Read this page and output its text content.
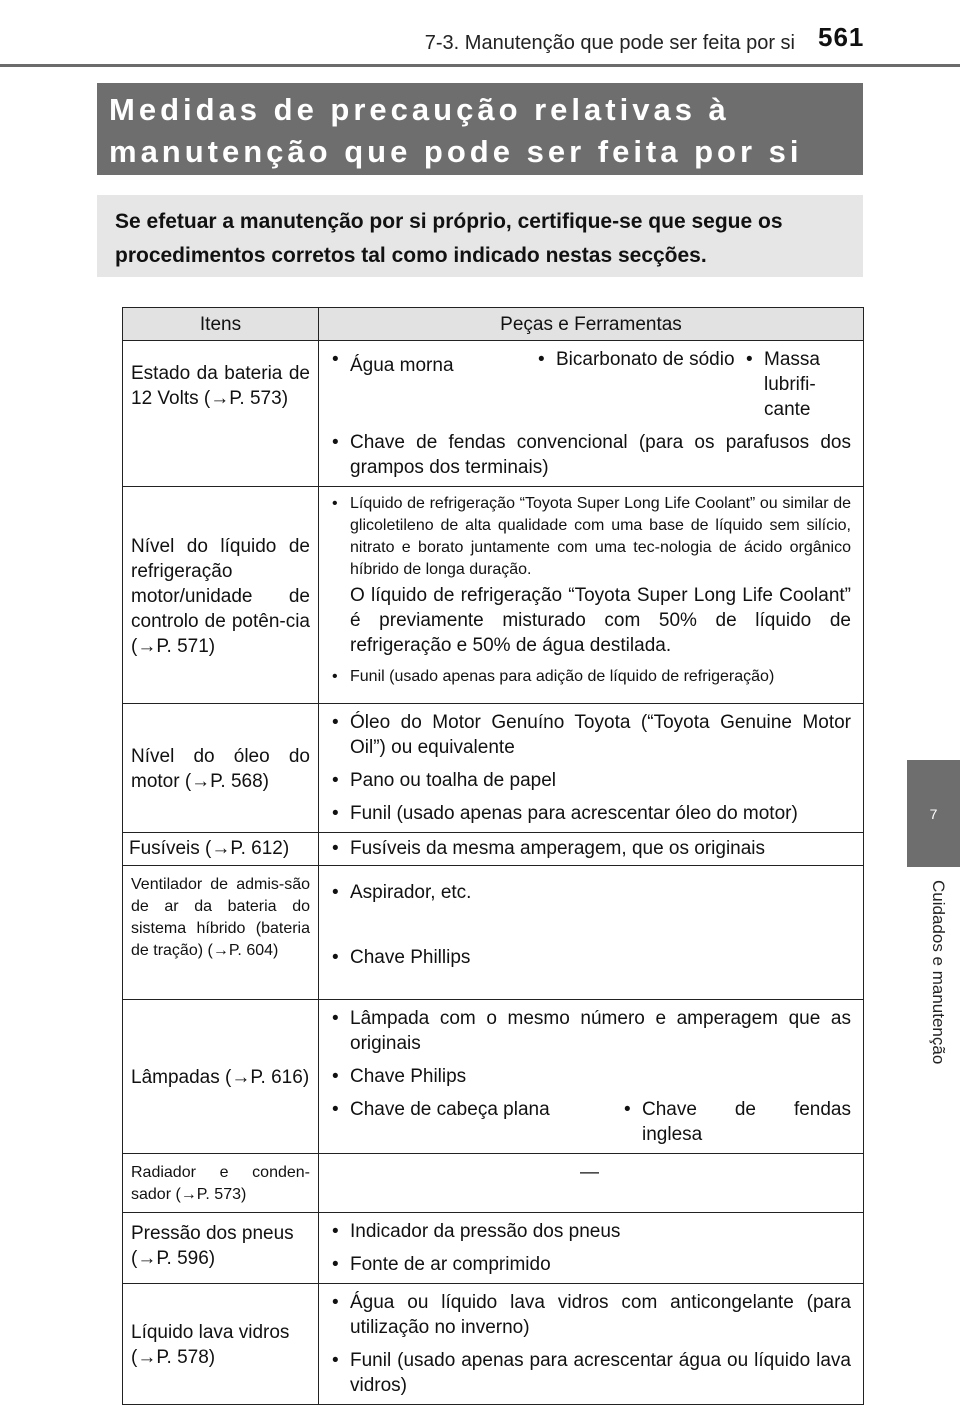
7-3. Manutenção que pode ser feita por si 561
Medidas de precaução relativas à
manutenção que pode ser feita por si
Se efetuar a manutenção por si próprio, certifique-se que segue os procedimentos corretos tal como indicado nestas secções.
7
Cuidados e manutenção
Itens	Peças e Ferramentas
Estado da bateria de 12 Volts (→P. 573)	• Água morna • Bicarbonato de sódio • Massa lubrifi-cante
• Chave de fendas convencional (para os parafusos dos grampos dos terminais)

Nível do líquido de refrigeração motor/unidade de controlo de potên-cia (→P. 571)	• Líquido de refrigeração “Toyota Super Long Life Coolant” ou similar de glicoletileno de alta qualidade com uma base de líquido sem silício, nitrato e borato juntamente com uma tec-nologia de ácido orgânico híbrido de longa duração.
O líquido de refrigeração “Toyota Super Long Life Coolant” é previamente misturado com 50% de líquido de refrigeração e 50% de água destilada.
• Funil (usado apenas para adição de líquido de refrigeração)

Nível do óleo do motor (→P. 568)	• Óleo do Motor Genuíno Toyota (“Toyota Genuine Motor Oil”) ou equivalente
• Pano ou toalha de papel
• Funil (usado apenas para acrescentar óleo do motor)

Fusíveis (→P. 612)	• Fusíveis da mesma amperagem, que os originais

Ventilador de admis-são de ar da bateria do sistema híbrido (bateria de tração) (→P. 604)	• Aspirador, etc.
• Chave Phillips

Lâmpadas (→P. 616)	• Lâmpada com o mesmo número e amperagem que as originais
• Chave Philips
• Chave de cabeça plana • Chave de fendas inglesa

Radiador e conden-sador (→P. 573)	—
Pressão dos pneus (→P. 596)	• Indicador da pressão dos pneus
• Fonte de ar comprimido

Líquido lava vidros (→P. 578)	• Água ou líquido lava vidros com anticongelante (para utilização no inverno)
• Funil (usado apenas para acrescentar água ou líquido lava vidros)
